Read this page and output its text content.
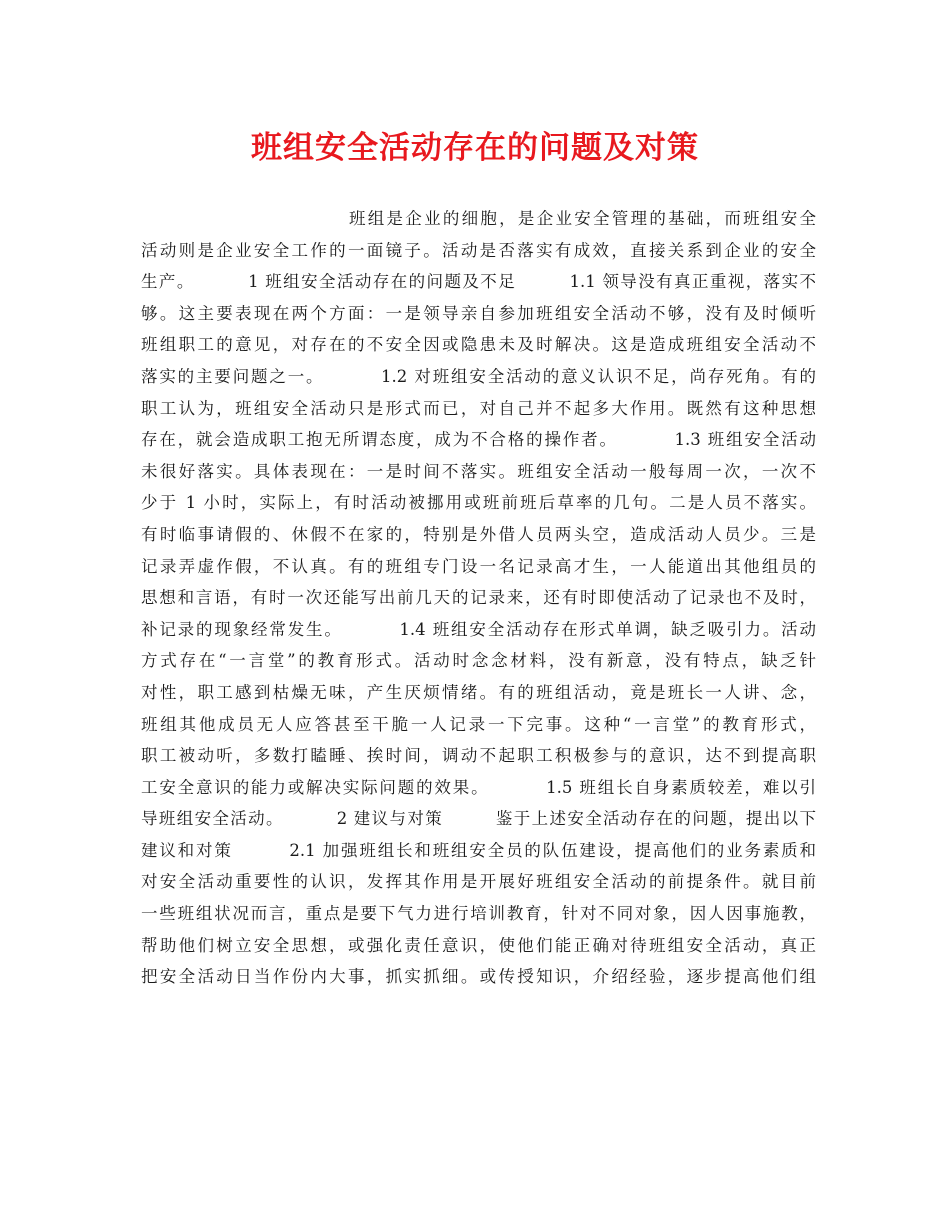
班组安全活动存在的问题及对策
班组是企业的细胞，是企业安全管理的基础，而班组安全
活动则是企业安全工作的一面镜子。活动是否落实有成效，直接关系到企业的安全
生产。        1 班组安全活动存在的问题及不足        1.1 领导没有真正重视，落实不
够。这主要表现在两个方面：一是领导亲自参加班组安全活动不够，没有及时倾听
班组职工的意见，对存在的不安全因或隐患未及时解决。这是造成班组安全活动不
落实的主要问题之一。        1.2 对班组安全活动的意义认识不足，尚存死角。有的
职工认为，班组安全活动只是形式而已，对自己并不起多大作用。既然有这种思想
存在，就会造成职工抱无所谓态度，成为不合格的操作者。        1.3 班组安全活动
未很好落实。具体表现在：一是时间不落实。班组安全活动一般每周一次，一次不
少于 1 小时，实际上，有时活动被挪用或班前班后草率的几句。二是人员不落实。
有时临事请假的、休假不在家的，特别是外借人员两头空，造成活动人员少。三是
记录弄虚作假，不认真。有的班组专门设一名记录高才生，一人能道出其他组员的
思想和言语，有时一次还能写出前几天的记录来，还有时即使活动了记录也不及时，
补记录的现象经常发生。        1.4 班组安全活动存在形式单调，缺乏吸引力。活动
方式存在“一言堂”的教育形式。活动时念念材料，没有新意，没有特点，缺乏针
对性，职工感到枯燥无味，产生厌烦情绪。有的班组活动，竟是班长一人讲、念，
班组其他成员无人应答甚至干脆一人记录一下完事。这种“一言堂”的教育形式，
职工被动听，多数打瞌睡、挨时间，调动不起职工积极参与的意识，达不到提高职
工安全意识的能力或解决实际问题的效果。        1.5 班组长自身素质较差，难以引
导班组安全活动。        2 建议与对策        鉴于上述安全活动存在的问题，提出以下
建议和对策        2.1 加强班组长和班组安全员的队伍建设，提高他们的业务素质和
对安全活动重要性的认识，发挥其作用是开展好班组安全活动的前提条件。就目前
一些班组状况而言，重点是要下气力进行培训教育，针对不同对象，因人因事施教，
帮助他们树立安全思想，或强化责任意识，使他们能正确对待班组安全活动，真正
把安全活动日当作份内大事，抓实抓细。或传授知识，介绍经验，逐步提高他们组
